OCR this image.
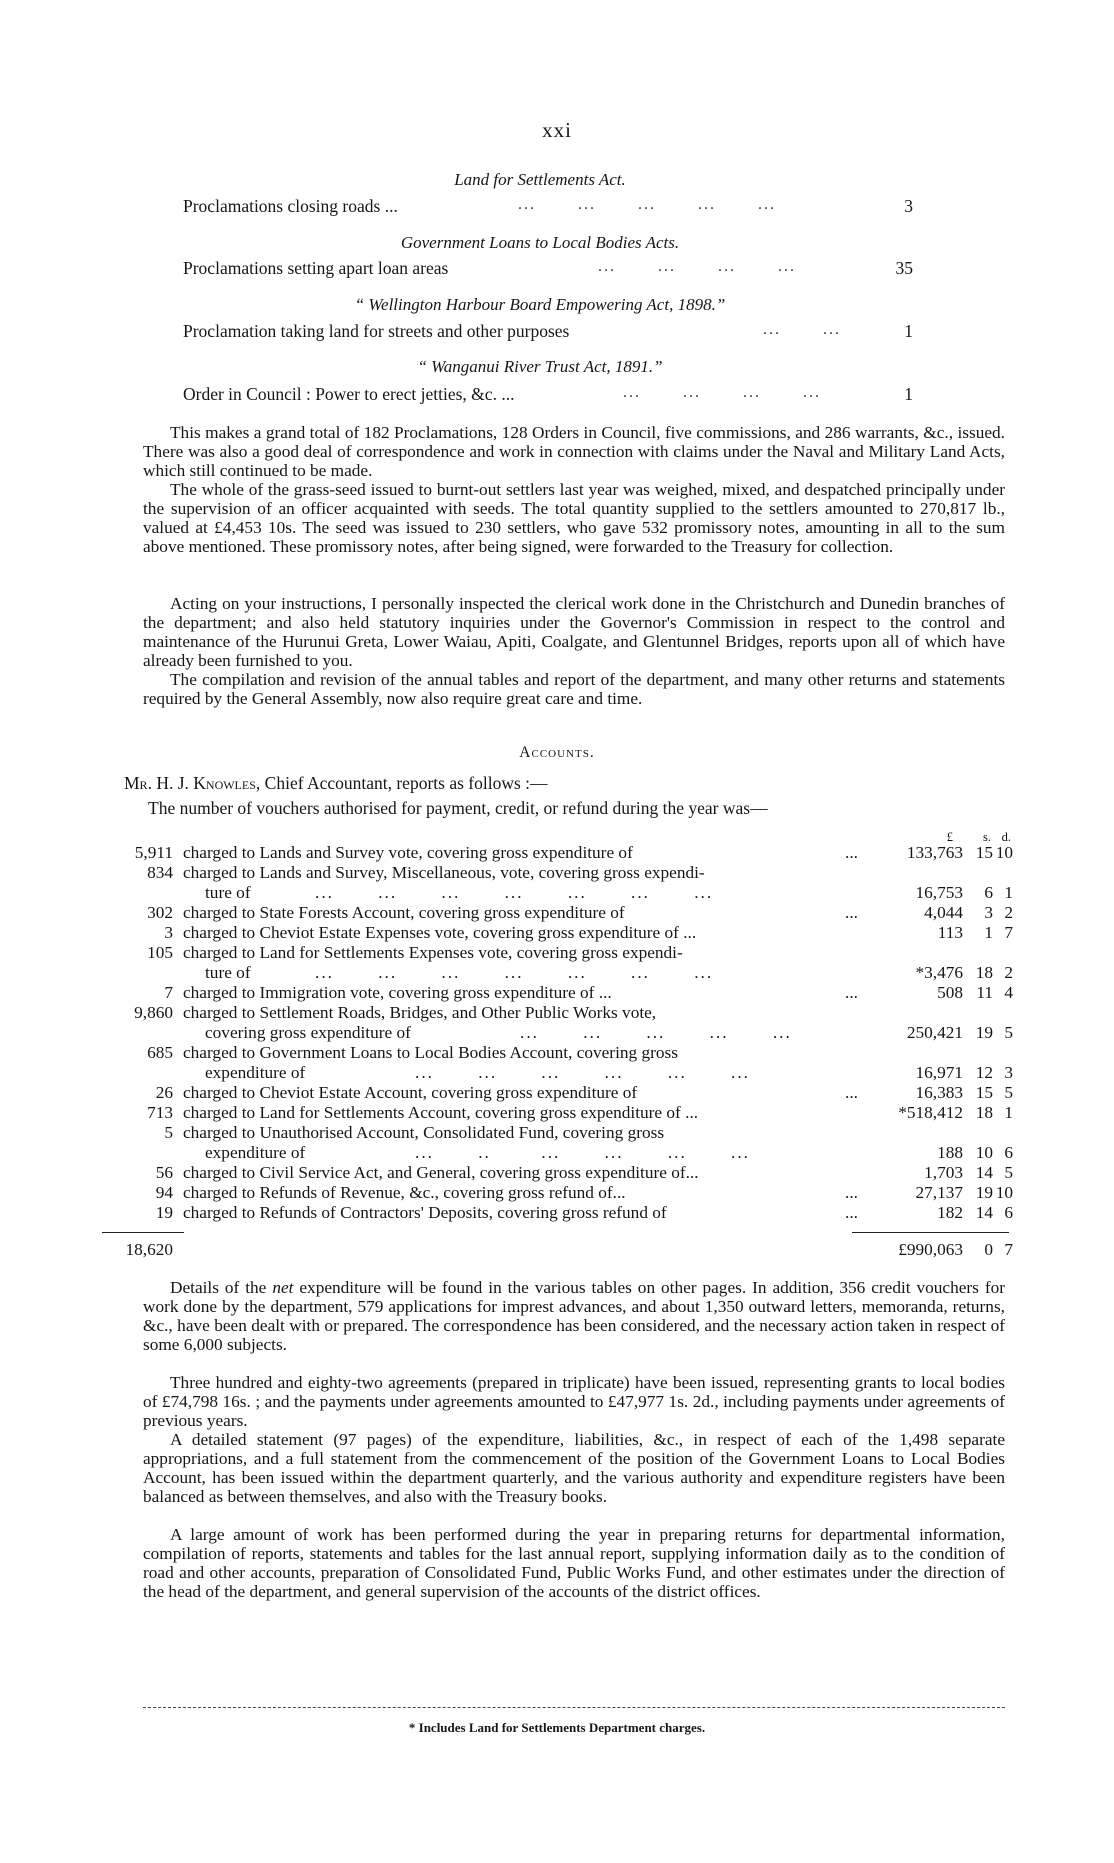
xxi
Land for Settlements Act.
Proclamations closing roads ...	...       ...       ...       ...       ...	3
Government Loans to Local Bodies Acts.
Proclamations setting apart loan areas	...       ...       ...       ...	35
“ Wellington Harbour Board Empowering Act, 1898.”
Proclamation taking land for streets and other purposes	...       ...	1
“ Wanganui River Trust Act, 1891.”
Order in Council : Power to erect jetties, &c. ...	...       ...       ...       ...	1

This makes a grand total of 182 Proclamations, 128 Orders in Council, five commissions, and 286 warrants, &c., issued. There was also a good deal of correspondence and work in connection with claims under the Naval and Military Land Acts, which still continued to be made.

The whole of the grass-seed issued to burnt-out settlers last year was weighed, mixed, and despatched principally under the supervision of an officer acquainted with seeds. The total quantity supplied to the settlers amounted to 270,817 lb., valued at £4,453 10s. The seed was issued to 230 settlers, who gave 532 promissory notes, amounting in all to the sum above mentioned. These promissory notes, after being signed, were forwarded to the Treasury for collection.

Acting on your instructions, I personally inspected the clerical work done in the Christchurch and Dunedin branches of the department; and also held statutory inquiries under the Governor's Commission in respect to the control and maintenance of the Hurunui Greta, Lower Waiau, Apiti, Coalgate, and Glentunnel Bridges, reports upon all of which have already been furnished to you.

The compilation and revision of the annual tables and report of the department, and many other returns and statements required by the General Assembly, now also require great care and time.

Accounts.
Mr. H. J. Knowles, Chief Accountant, reports as follows :—
The number of vouchers authorised for payment, credit, or refund during the year was—
£ s. d.
5,911 charged to Lands and Survey vote, covering gross expenditure of	...	133,763 15 10
834 charged to Lands and Survey, Miscellaneous, vote, covering gross expendi-
ture of	...       ...       ...       ...       ...       ...       ...	16,753 6 1
302 charged to State Forests Account, covering gross expenditure of	...	4,044 3 2
3 charged to Cheviot Estate Expenses vote, covering gross expenditure of ...	113 1 7
105 charged to Land for Settlements Expenses vote, covering gross expendi-
ture of	...       ...       ...       ...       ...       ...       ...	*3,476 18 2
7 charged to Immigration vote, covering gross expenditure of ...	...	508 11 4
9,860 charged to Settlement Roads, Bridges, and Other Public Works vote,
covering gross expenditure of	...       ...       ...       ...       ...	250,421 19 5
685 charged to Government Loans to Local Bodies Account, covering gross
expenditure of	...       ...       ...       ...       ...       ...	16,971 12 3
26 charged to Cheviot Estate Account, covering gross expenditure of	...	16,383 15 5
713 charged to Land for Settlements Account, covering gross expenditure of ...	*518,412 18 1
5 charged to Unauthorised Account, Consolidated Fund, covering gross
expenditure of	...       ..        ...       ...       ...       ...	188 10 6
56 charged to Civil Service Act, and General, covering gross expenditure of...	1,703 14 5
94 charged to Refunds of Revenue, &c., covering gross refund of...	...	27,137 19 10
19 charged to Refunds of Contractors' Deposits, covering gross refund of	...	182 14 6
18,620	£990,063 0 7

Details of the net expenditure will be found in the various tables on other pages. In addition, 356 credit vouchers for work done by the department, 579 applications for imprest advances, and about 1,350 outward letters, memoranda, returns, &c., have been dealt with or prepared. The correspondence has been considered, and the necessary action taken in respect of some 6,000 subjects.

Three hundred and eighty-two agreements (prepared in triplicate) have been issued, representing grants to local bodies of £74,798 16s. ; and the payments under agreements amounted to £47,977 1s. 2d., including payments under agreements of previous years.

A detailed statement (97 pages) of the expenditure, liabilities, &c., in respect of each of the 1,498 separate appropriations, and a full statement from the commencement of the position of the Government Loans to Local Bodies Account, has been issued within the department quarterly, and the various authority and expenditure registers have been balanced as between themselves, and also with the Treasury books.

A large amount of work has been performed during the year in preparing returns for departmental information, compilation of reports, statements and tables for the last annual report, supplying information daily as to the condition of road and other accounts, preparation of Consolidated Fund, Public Works Fund, and other estimates under the direction of the head of the department, and general supervision of the accounts of the district offices.

* Includes Land for Settlements Department charges.
